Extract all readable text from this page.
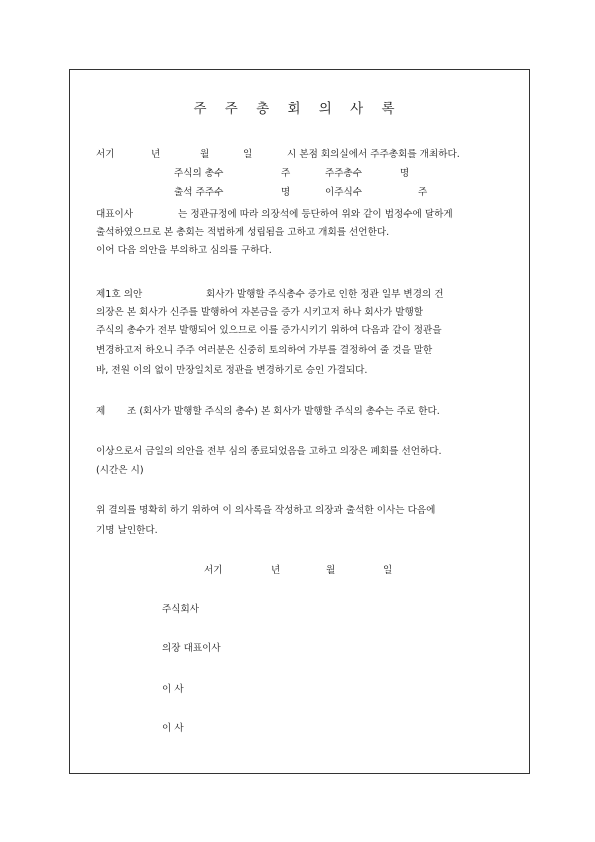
주 주 총 회 의 사 록
서기	년	월	일	시 본점 회의실에서 주주총회를 개최하다.
주식의 총수	주	주주총수	명
출석 주주수	명	이주식수	주
대표이사	는 정관규정에 따라 의장석에 등단하여 위와 같이 법정수에 달하게
출석하였으므로 본 총회는 적법하게 성립됨을 고하고 개회를 선언한다.
이어 다음 의안을 부의하고 심의를 구하다.
제1호 의안	회사가 발행할 주식총수 증가로 인한 정관 일부 변경의 건
의장은 본 회사가 신주를 발행하여 자본금을 증가 시키고저 하나 회사가 발행할
주식의 총수가 전부 발행되어 있으므로 이를 증가시키기 위하여 다음과 같이 정관을
변경하고저 하오니 주주 여러분은 신중히 토의하여 가부를 결정하여 줄 것을 말한
바, 전원 이의 없이 만장일치로 정관을 변경하기로 승인 가결되다.
제 조 (회사가 발행할 주식의 총수) 본 회사가 발행할 주식의 총수는 주로 한다.
이상으로서 금일의 의안을 전부 심의 종료되었음을 고하고 의장은 폐회를 선언하다.
(시간은 시)
위 결의를 명확히 하기 위하여 이 의사록을 작성하고 의장과 출석한 이사는 다음에
기명 날인한다.
서기	년	월	일
주식회사
의장 대표이사
이 사
이 사
